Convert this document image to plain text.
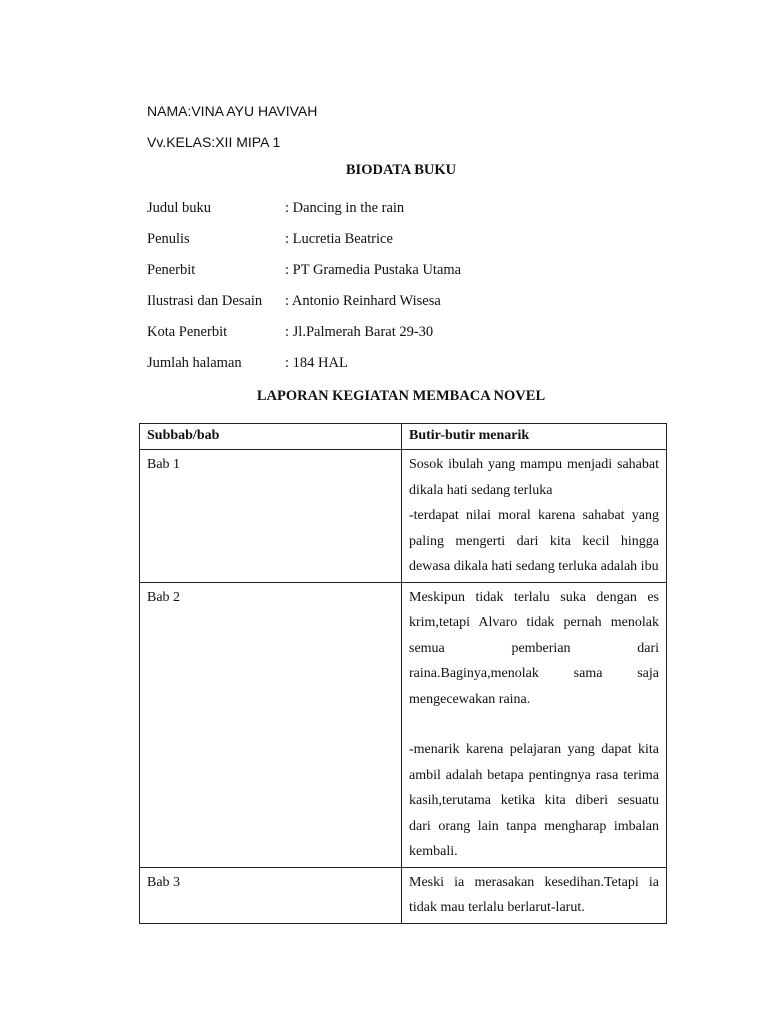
NAMA:VINA AYU HAVIVAH
Vv.KELAS:XII MIPA 1
BIODATA BUKU
Judul buku	: Dancing in the rain
Penulis	: Lucretia Beatrice
Penerbit	: PT Gramedia Pustaka Utama
Ilustrasi dan Desain : Antonio Reinhard Wisesa
Kota Penerbit	: Jl.Palmerah Barat 29-30
Jumlah halaman	: 184 HAL
LAPORAN KEGIATAN MEMBACA NOVEL
Subbab/bab	Butir-butir menarik
Bab 1	Sosok ibulah yang mampu menjadi sahabat dikala hati sedang terluka
-terdapat nilai moral karena sahabat yang paling mengerti dari kita kecil hingga dewasa dikala hati sedang terluka adalah ibu

Bab 2	Meskipun tidak terlalu suka dengan es krim,tetapi Alvaro tidak pernah menolak semua pemberian dari raina.Baginya,menolak sama saja mengecewakan raina.
-menarik karena pelajaran yang dapat kita ambil adalah betapa pentingnya rasa terima kasih,terutama ketika kita diberi sesuatu dari orang lain tanpa mengharap imbalan kembali.

Bab 3	Meski ia merasakan kesedihan.Tetapi ia tidak mau terlalu berlarut-larut.
